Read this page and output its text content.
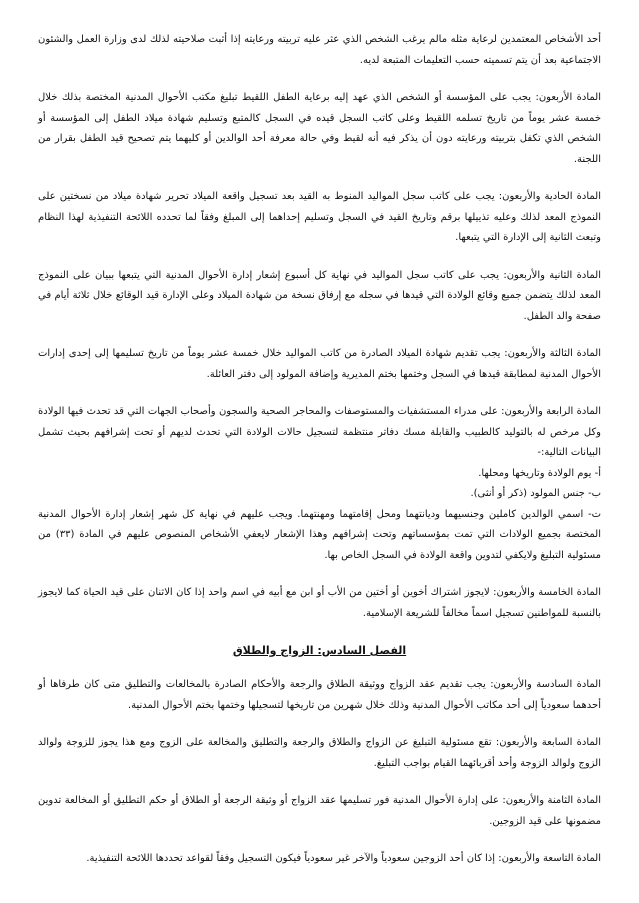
أحد الأشخاص المعتمدين لرعاية مثله مالم يرغب الشخص الذي عثر عليه تربيته ورعايته إذا أثبت صلاحيته لذلك لدى وزارة العمل والشئون الاجتماعية بعد أن يتم تسميته حسب التعليمات المتبعة لديه.

المادة الأربعون: يجب على المؤسسة أو الشخص الذي عهد إليه برعاية الطفل اللقيط تبليغ مكتب الأحوال المدنية المختصة بذلك خلال خمسة عشر يوماً من تاريخ تسلمه اللقيط وعلى كاتب السجل قيده في السجل كالمتبع وتسليم شهادة ميلاد الطفل إلى المؤسسة أو الشخص الذي تكفل بتربيته ورعايته دون أن يذكر فيه أنه لقيط وفي حالة معرفة أحد الوالدين أو كليهما يتم تصحيح قيد الطفل بقرار من اللجنة.

المادة الحادية والأربعون: يجب على كاتب سجل المواليد المنوط به القيد بعد تسجيل واقعة الميلاد تحرير شهادة ميلاد من نسختين على النموذج المعد لذلك وعليه تذييلها برقم وتاريخ القيد في السجل وتسليم إحداهما إلى المبلغ وفقاً لما تحدده اللائحة التنفيذية لهذا النظام وتبعث الثانية إلى الإدارة التي يتبعها.

المادة الثانية والأربعون: يجب على كاتب سجل المواليد في نهاية كل أسبوع إشعار إدارة الأحوال المدنية التي يتبعها ببيان على النموذج المعد لذلك يتضمن جميع وقائع الولادة التي قيدها في سجله مع إرفاق نسخة من شهادة الميلاد وعلى الإدارة قيد الوقائع خلال ثلاثة أيام في صفحة والد الطفل.

المادة الثالثة والأربعون: يجب تقديم شهادة الميلاد الصادرة من كاتب المواليد خلال خمسة عشر يوماً من تاريخ تسليمها إلى إحدى إدارات الأحوال المدنية لمطابقة قيدها في السجل وختمها بختم المديرية وإضافة المولود إلى دفتر العائلة.

المادة الرابعة والأربعون: على مدراء المستشفيات والمستوصفات والمحاجر الصحية والسجون وأصحاب الجهات التي قد تحدث فيها الولادة وكل مرخص له بالتوليد كالطبيب والقابلة مسك دفاتر منتظمة لتسجيل حالات الولادة التي تحدث لديهم أو تحت إشرافهم بحيث تشمل البيانات التالية:-

أ- يوم الولادة وتاريخها ومحلها.

ب- جنس المولود (ذكر أو أنثى).

ت- اسمي الوالدين كاملين وجنسيهما وديانتهما ومحل إقامتهما ومهنتهما. ويجب عليهم في نهاية كل شهر إشعار إدارة الأحوال المدنية المختصة بجميع الولادات التي تمت بمؤسساتهم وتحت إشرافهم وهذا الإشعار لايعفي الأشخاص المنصوص عليهم في المادة (٣٣) من مسئولية التبليغ ولايكفي لتدوين واقعة الولادة في السجل الخاص بها.

المادة الخامسة والأربعون: لايجوز اشتراك أخوين أو أختين من الأب أو ابن مع أبيه في اسم واحد إذا كان الاثنان على قيد الحياة كما لايجوز بالنسبة للمواطنين تسجيل اسماً مخالفاً للشريعة الإسلامية.

الفصل السادس: الزواج والطلاق

المادة السادسة والأربعون: يجب تقديم عقد الزواج ووثيقة الطلاق والرجعة والأحكام الصادرة بالمخالعات والتطليق متى كان طرفاها أو أحدهما سعودياً إلى أحد مكاتب الأحوال المدنية وذلك خلال شهرين من تاريخها لتسجيلها وختمها بختم الأحوال المدنية.

المادة السابعة والأربعون: تقع مسئولية التبليغ عن الزواج والطلاق والرجعة والتطليق والمخالعة على الزوج ومع هذا يجوز للزوجة ولوالد الزوج ولوالد الزوجة وأحد أقربائهما القيام بواجب التبليغ.

المادة الثامنة والأربعون: على إدارة الأحوال المدنية فور تسليمها عقد الزواج أو وثيقة الرجعة أو الطلاق أو حكم التطليق أو المخالعة تدوين مضمونها على قيد الزوجين.

المادة التاسعة والأربعون: إذا كان أحد الزوجين سعودياً والآخر غير سعودياً فيكون التسجيل وفقاً لقواعد تحددها اللائحة التنفيذية.
